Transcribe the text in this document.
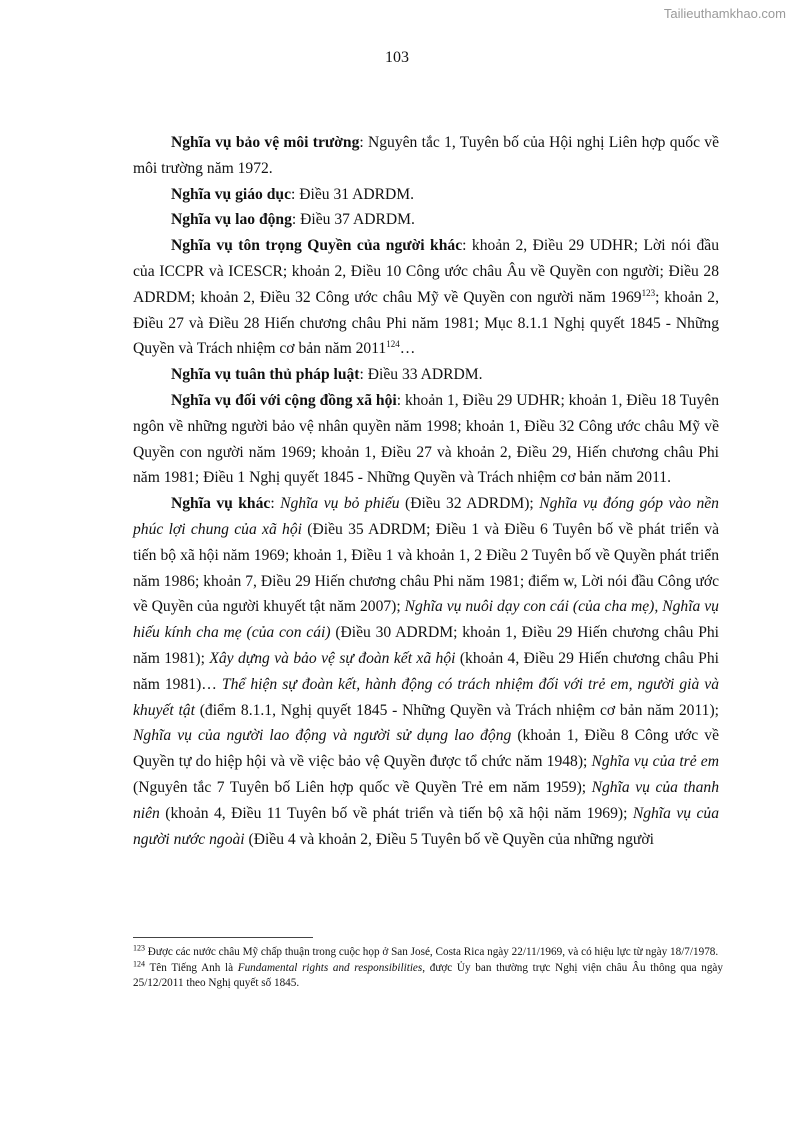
Tailieuthamkhao.com
103

Nghĩa vụ bảo vệ môi trường: Nguyên tắc 1, Tuyên bố của Hội nghị Liên hợp quốc về môi trường năm 1972.

Nghĩa vụ giáo dục: Điều 31 ADRDM.

Nghĩa vụ lao động: Điều 37 ADRDM.

Nghĩa vụ tôn trọng Quyền của người khác: khoản 2, Điều 29 UDHR; Lời nói đầu của ICCPR và ICESCR; khoản 2, Điều 10 Công ước châu Âu về Quyền con người; Điều 28 ADRDM; khoản 2, Điều 32 Công ước châu Mỹ về Quyền con người năm 1969$^{123}$; khoản 2, Điều 27 và Điều 28 Hiến chương châu Phi năm 1981; Mục 8.1.1 Nghị quyết 1845 - Những Quyền và Trách nhiệm cơ bản năm 2011$^{124}$…

Nghĩa vụ tuân thủ pháp luật: Điều 33 ADRDM.

Nghĩa vụ đối với cộng đồng xã hội: khoản 1, Điều 29 UDHR; khoản 1, Điều 18 Tuyên ngôn về những người bảo vệ nhân quyền năm 1998; khoản 1, Điều 32 Công ước châu Mỹ về Quyền con người năm 1969; khoản 1, Điều 27 và khoản 2, Điều 29, Hiến chương châu Phi năm 1981; Điều 1 Nghị quyết 1845 - Những Quyền và Trách nhiệm cơ bản năm 2011.

Nghĩa vụ khác: Nghĩa vụ bỏ phiếu (Điều 32 ADRDM); Nghĩa vụ đóng góp vào nền phúc lợi chung của xã hội (Điều 35 ADRDM; Điều 1 và Điều 6 Tuyên bố về phát triển và tiến bộ xã hội năm 1969; khoản 1, Điều 1 và khoản 1, 2 Điều 2 Tuyên bố về Quyền phát triển năm 1986; khoản 7, Điều 29 Hiến chương châu Phi năm 1981; điểm w, Lời nói đầu Công ước về Quyền của người khuyết tật năm 2007); Nghĩa vụ nuôi dạy con cái (của cha mẹ), Nghĩa vụ hiếu kính cha mẹ (của con cái) (Điều 30 ADRDM; khoản 1, Điều 29 Hiến chương châu Phi năm 1981); Xây dựng và bảo vệ sự đoàn kết xã hội (khoản 4, Điều 29 Hiến chương châu Phi năm 1981)… Thể hiện sự đoàn kết, hành động có trách nhiệm đối với trẻ em, người già và khuyết tật (điểm 8.1.1, Nghị quyết 1845 - Những Quyền và Trách nhiệm cơ bản năm 2011); Nghĩa vụ của người lao động và người sử dụng lao động (khoản 1, Điều 8 Công ước về Quyền tự do hiệp hội và về việc bảo vệ Quyền được tổ chức năm 1948); Nghĩa vụ của trẻ em (Nguyên tắc 7 Tuyên bố Liên hợp quốc về Quyền Trẻ em năm 1959); Nghĩa vụ của thanh niên (khoản 4, Điều 11 Tuyên bố về phát triển và tiến bộ xã hội năm 1969); Nghĩa vụ của người nước ngoài (Điều 4 và khoản 2, Điều 5 Tuyên bố về Quyền của những người

$^{123}$ Được các nước châu Mỹ chấp thuận trong cuộc họp ở San José, Costa Rica ngày 22/11/1969, và có hiệu lực từ ngày 18/7/1978.

$^{124}$ Tên Tiếng Anh là Fundamental rights and responsibilities, được Ủy ban thường trực Nghị viện châu Âu thông qua ngày 25/12/2011 theo Nghị quyết số 1845.
